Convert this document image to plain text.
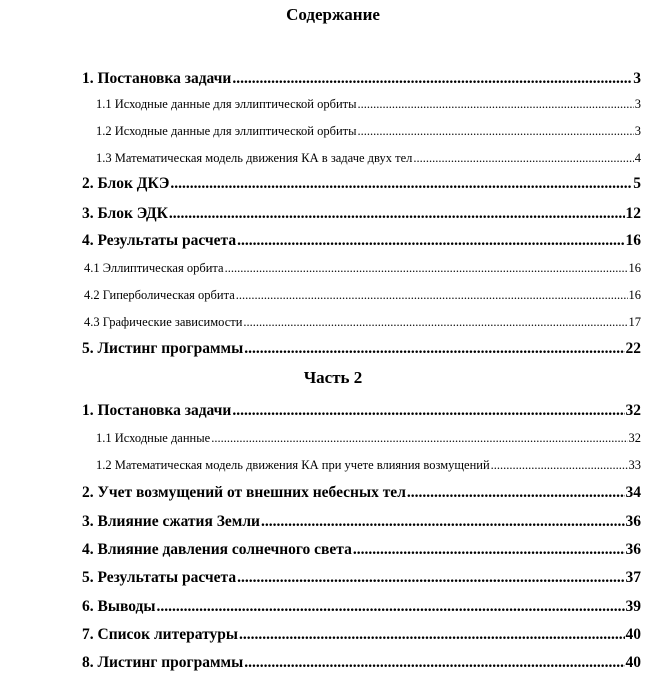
Содержание
1. Постановка задачи .....	3
1.1 Исходные данные для эллиптической орбиты .....	3
1.2 Исходные данные для эллиптической орбиты .....	3
1.3 Математическая модель движения КА в задаче двух тел .....	4
2. Блок ДКЭ .....	5
3. Блок ЭДК .....	12
4. Результаты расчета .....	16
4.1 Эллиптическая орбита .....	16
4.2 Гиперболическая орбита .....	16
4.3 Графические зависимости .....	17
5. Листинг программы .....	22
Часть 2
1. Постановка задачи .....	32
1.1 Исходные данные .....	32
1.2 Математическая модель движения КА при учете влияния возмущений .....	33
2. Учет возмущений от внешних небесных тел .....	34
3. Влияние сжатия Земли .....	36
4. Влияние давления солнечного света .....	36
5. Результаты расчета .....	37
6. Выводы .....	39
7. Список литературы .....	40
8. Листинг программы .....	40
